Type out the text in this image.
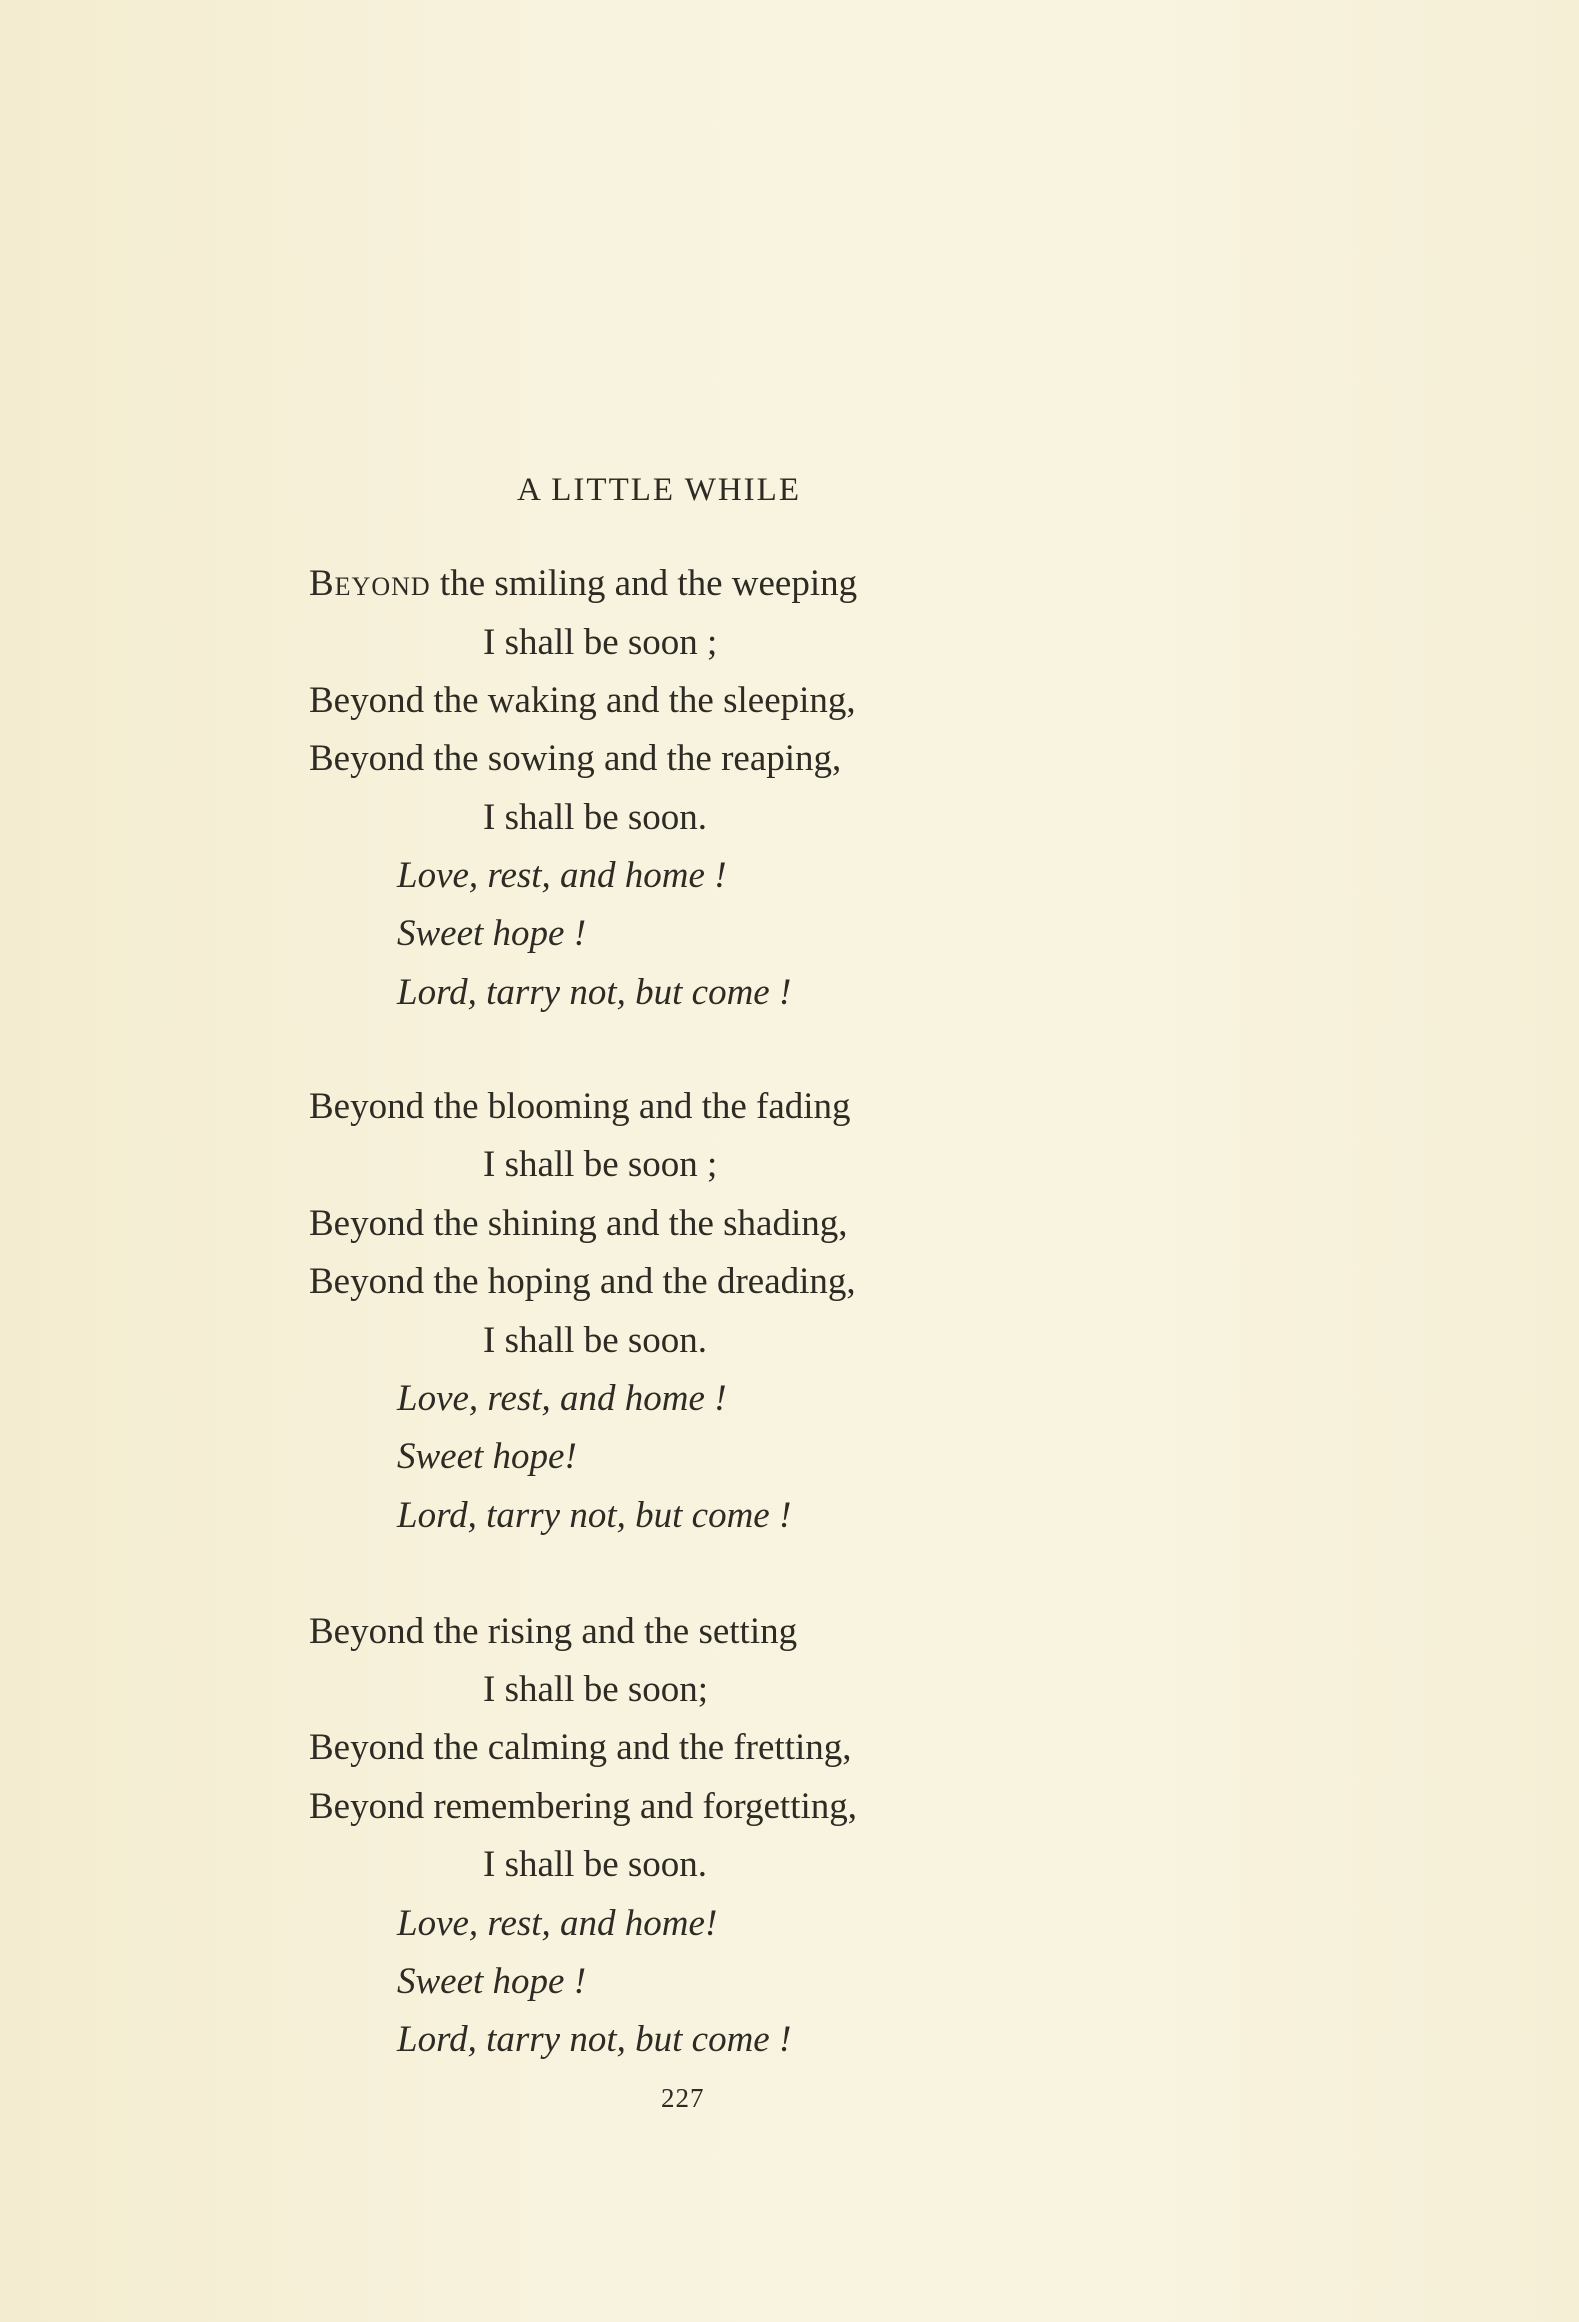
A LITTLE WHILE
Beyond the smiling and the weeping
I shall be soon ;
Beyond the waking and the sleeping,
Beyond the sowing and the reaping,
I shall be soon.
Love, rest, and home !
Sweet hope !
Lord, tarry not, but come !
Beyond the blooming and the fading
I shall be soon ;
Beyond the shining and the shading,
Beyond the hoping and the dreading,
I shall be soon.
Love, rest, and home !
Sweet hope!
Lord, tarry not, but come !
Beyond the rising and the setting
I shall be soon;
Beyond the calming and the fretting,
Beyond remembering and forgetting,
I shall be soon.
Love, rest, and home!
Sweet hope !
Lord, tarry not, but come !
227
